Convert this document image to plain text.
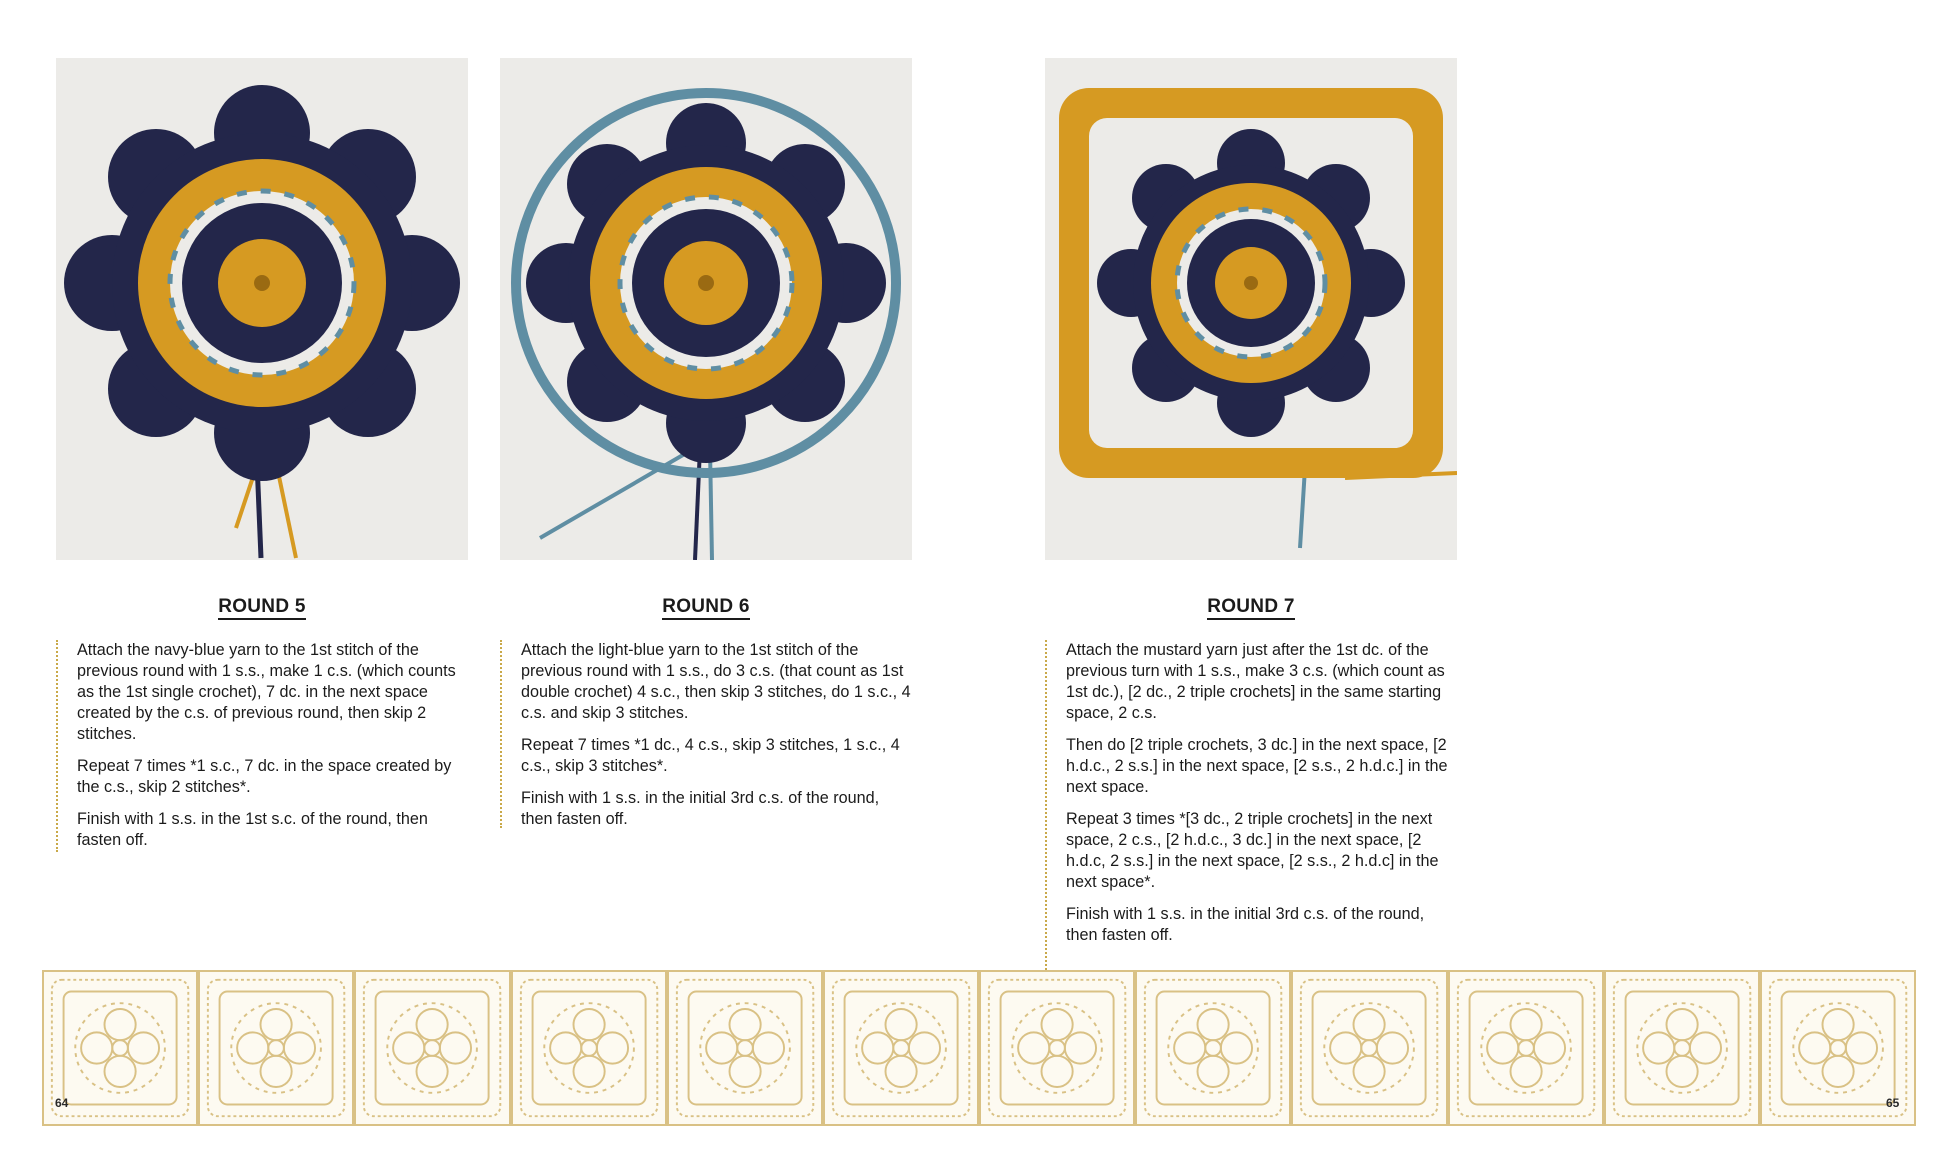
ROUND 5

Attach the navy-blue yarn to the 1st stitch of the previous round with 1 s.s., make 1 c.s. (which counts as the 1st single crochet), 7 dc. in the next space created by the c.s. of previous round, then skip 2 stitches.

Repeat 7 times *1 s.c., 7 dc. in the space created by the c.s., skip 2 stitches*.

Finish with 1 s.s. in the 1st s.c. of the round, then fasten off.

ROUND 6

Attach the light-blue yarn to the 1st stitch of the previous round with 1 s.s., do 3 c.s. (that count as 1st double crochet) 4 s.c., then skip 3 stitches, do 1 s.c., 4 c.s. and skip 3 stitches.

Repeat 7 times *1 dc., 4 c.s., skip 3 stitches, 1 s.c., 4 c.s., skip 3 stitches*.

Finish with 1 s.s. in the initial 3rd c.s. of the round, then fasten off.

ROUND 7

Attach the mustard yarn just after the 1st dc. of the previous turn with 1 s.s., make 3 c.s. (which count as 1st dc.), [2 dc., 2 triple crochets] in the same starting space, 2 c.s.

Then do [2 triple crochets, 3 dc.] in the next space, [2 h.d.c., 2 s.s.] in the next space, [2 s.s., 2 h.d.c.] in the next space.

Repeat 3 times *[3 dc., 2 triple crochets] in the next space, 2 c.s., [2 h.d.c., 3 dc.] in the next space, [2 h.d.c, 2 s.s.] in the next space, [2 s.s., 2 h.d.c] in the next space*.

Finish with 1 s.s. in the initial 3rd c.s. of the round, then fasten off.

64	65
